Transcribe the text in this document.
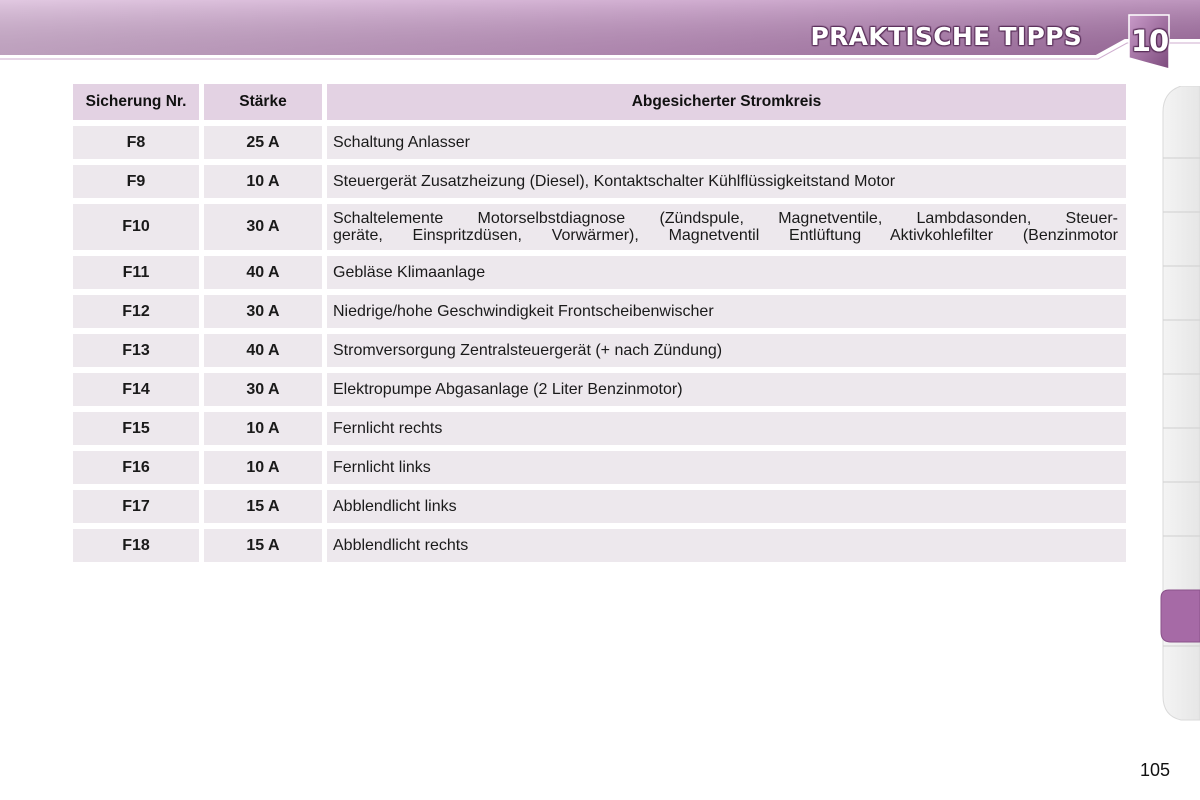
PRAKTISCHE TIPPS 10
Sicherung Nr.	Stärke	Abgesicherter Stromkreis
F8	25 A	Schaltung Anlasser
F9	10 A	Steuergerät Zusatzheizung (Diesel), Kontaktschalter Kühlflüssigkeitstand Motor
F10	30 A	Schaltelemente Motorselbstdiagnose (Zündspule, Magnetventile, Lambdasonden, Steuer-
geräte, Einspritzdüsen, Vorwärmer), Magnetventil Entlüftung Aktivkohlefilter (Benzinmotor

F11	40 A	Gebläse Klimaanlage
F12	30 A	Niedrige/hohe Geschwindigkeit Frontscheibenwischer
F13	40 A	Stromversorgung Zentralsteuergerät (+ nach Zündung)
F14	30 A	Elektropumpe Abgasanlage (2 Liter Benzinmotor)
F15	10 A	Fernlicht rechts
F16	10 A	Fernlicht links
F17	15 A	Abblendlicht links
F18	15 A	Abblendlicht rechts
105
